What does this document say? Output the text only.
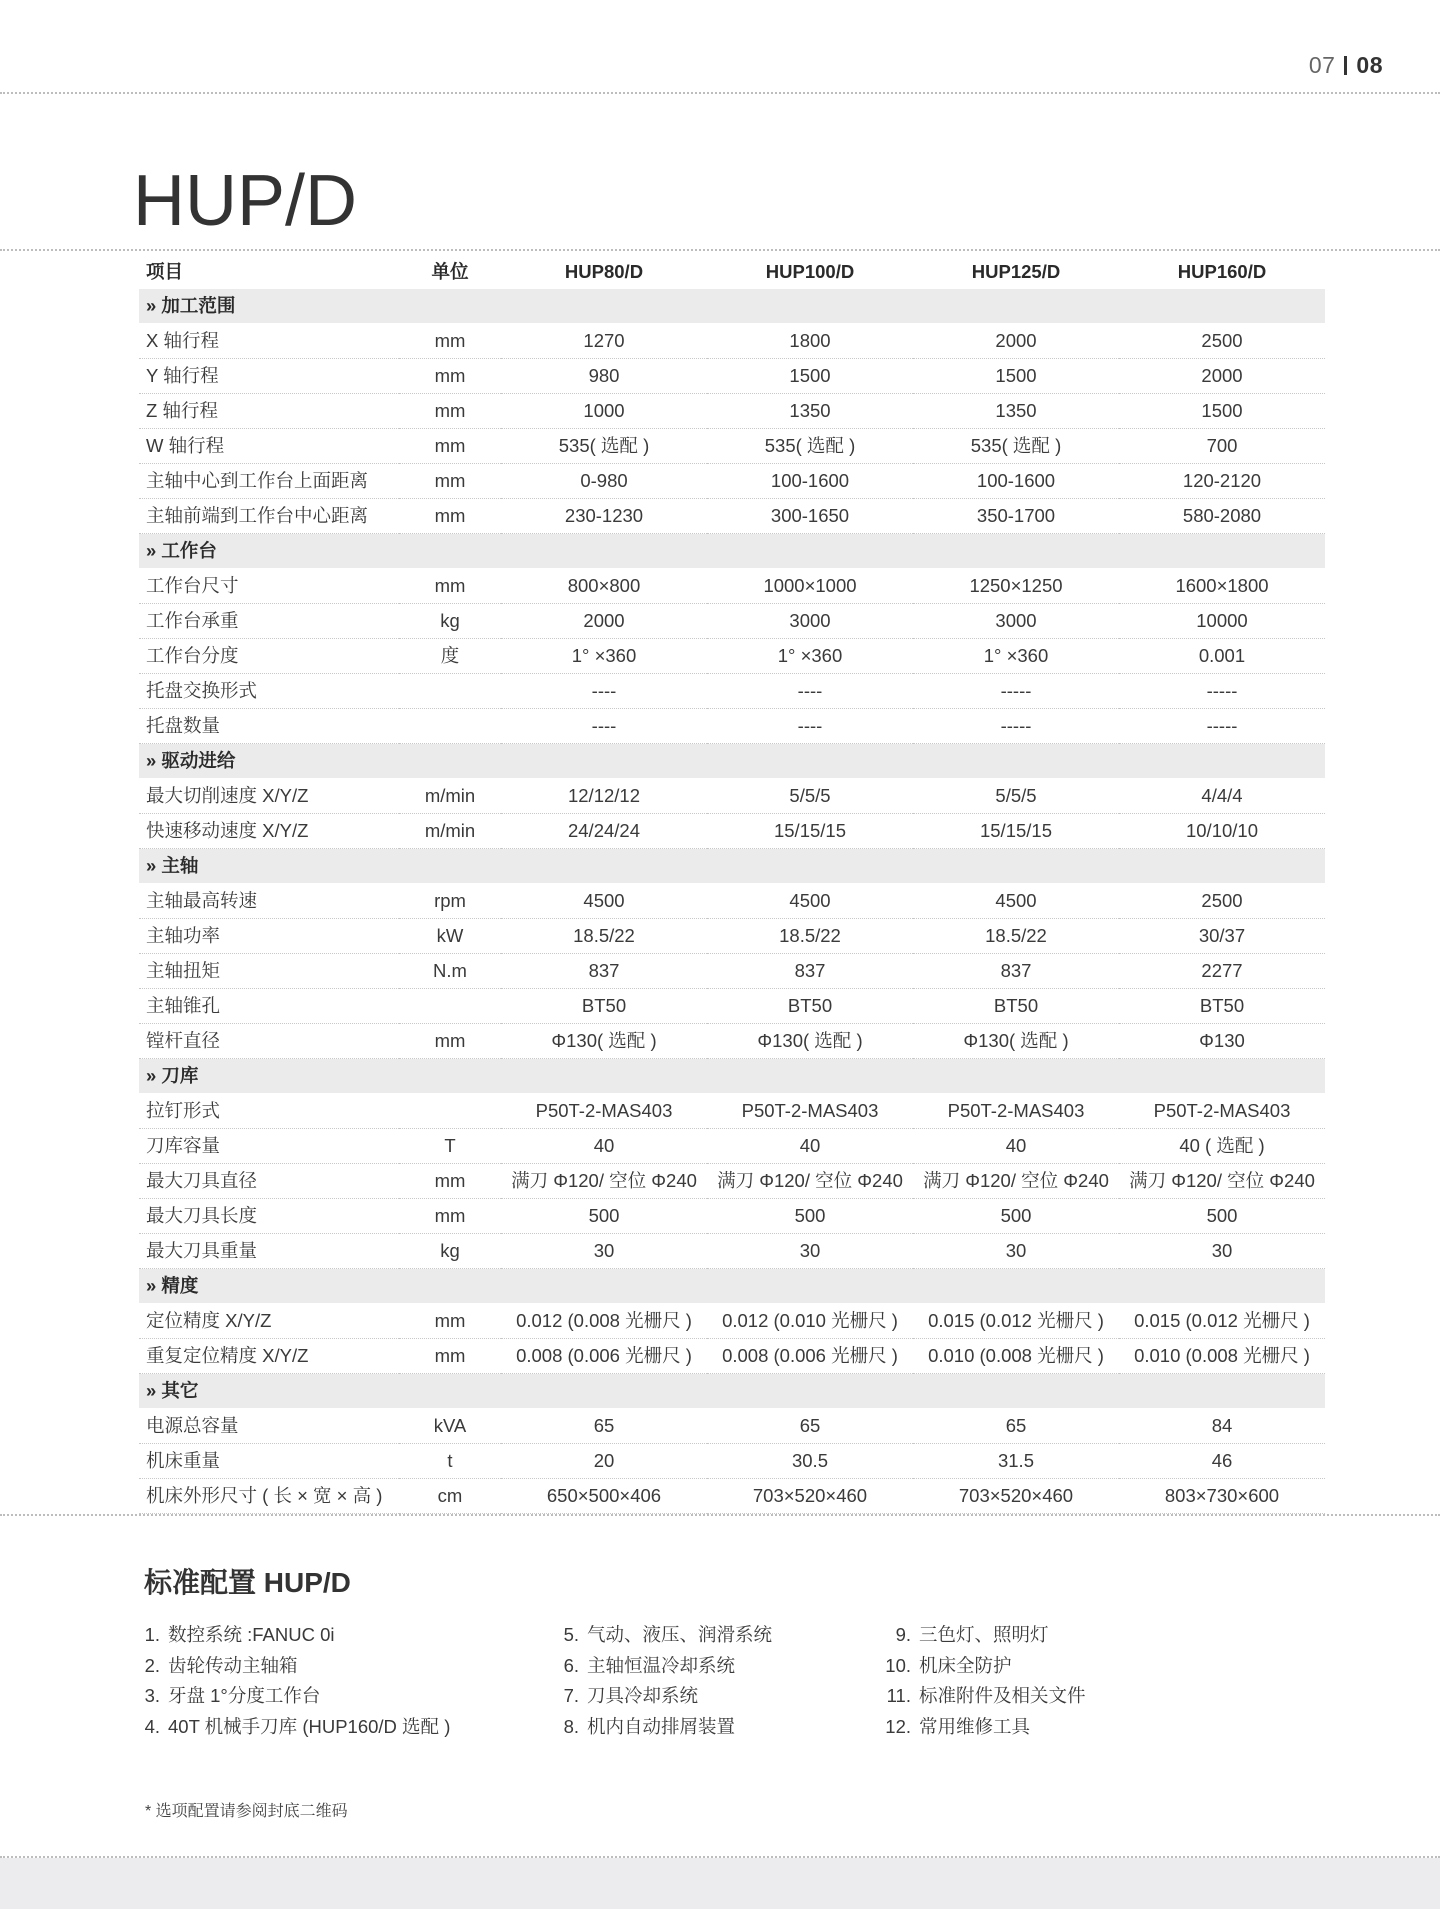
07 08
HUP/D
项目	单位	HUP80/D	HUP100/D	HUP125/D	HUP160/D
» 加工范围					
X 轴行程	mm	1270	1800	2000	2500
Y 轴行程	mm	980	1500	1500	2000
Z 轴行程	mm	1000	1350	1350	1500
W 轴行程	mm	535( 选配 )	535( 选配 )	535( 选配 )	700
主轴中心到工作台上面距离	mm	0-980	100-1600	100-1600	120-2120
主轴前端到工作台中心距离	mm	230-1230	300-1650	350-1700	580-2080
» 工作台					
工作台尺寸	mm	800×800	1000×1000	1250×1250	1600×1800
工作台承重	kg	2000	3000	3000	10000
工作台分度	度	1° ×360	1° ×360	1° ×360	0.001
托盘交换形式		----	----	-----	-----
托盘数量		----	----	-----	-----
» 驱动进给					
最大切削速度 X/Y/Z	m/min	12/12/12	5/5/5	5/5/5	4/4/4
快速移动速度 X/Y/Z	m/min	24/24/24	15/15/15	15/15/15	10/10/10
» 主轴					
主轴最高转速	rpm	4500	4500	4500	2500
主轴功率	kW	18.5/22	18.5/22	18.5/22	30/37
主轴扭矩	N.m	837	837	837	2277
主轴锥孔		BT50	BT50	BT50	BT50
镗杆直径	mm	Φ130( 选配 )	Φ130( 选配 )	Φ130( 选配 )	Φ130
» 刀库					
拉钉形式		P50T-2-MAS403	P50T-2-MAS403	P50T-2-MAS403	P50T-2-MAS403
刀库容量	T	40	40	40	40 ( 选配 )
最大刀具直径	mm	满刀 Φ120/ 空位 Φ240	满刀 Φ120/ 空位 Φ240	满刀 Φ120/ 空位 Φ240	满刀 Φ120/ 空位 Φ240
最大刀具长度	mm	500	500	500	500
最大刀具重量	kg	30	30	30	30
» 精度					
定位精度 X/Y/Z	mm	0.012 (0.008 光栅尺 )	0.012 (0.010 光栅尺 )	0.015 (0.012 光栅尺 )	0.015 (0.012 光栅尺 )
重复定位精度 X/Y/Z	mm	0.008 (0.006 光栅尺 )	0.008 (0.006 光栅尺 )	0.010 (0.008 光栅尺 )	0.010 (0.008 光栅尺 )
» 其它					
电源总容量	kVA	65	65	65	84
机床重量	t	20	30.5	31.5	46
机床外形尺寸 ( 长 × 宽 × 高 )	cm	650×500×406	703×520×460	703×520×460	803×730×600
标准配置 HUP/D
1. 数控系统 :FANUC 0i
2. 齿轮传动主轴箱
3. 牙盘 1°分度工作台
4. 40T 机械手刀库 (HUP160/D 选配 )
5. 气动、液压、润滑系统
6. 主轴恒温冷却系统
7. 刀具冷却系统
8. 机内自动排屑装置
9. 三色灯、照明灯
10. 机床全防护
11. 标准附件及相关文件
12. 常用维修工具
* 选项配置请参阅封底二维码
